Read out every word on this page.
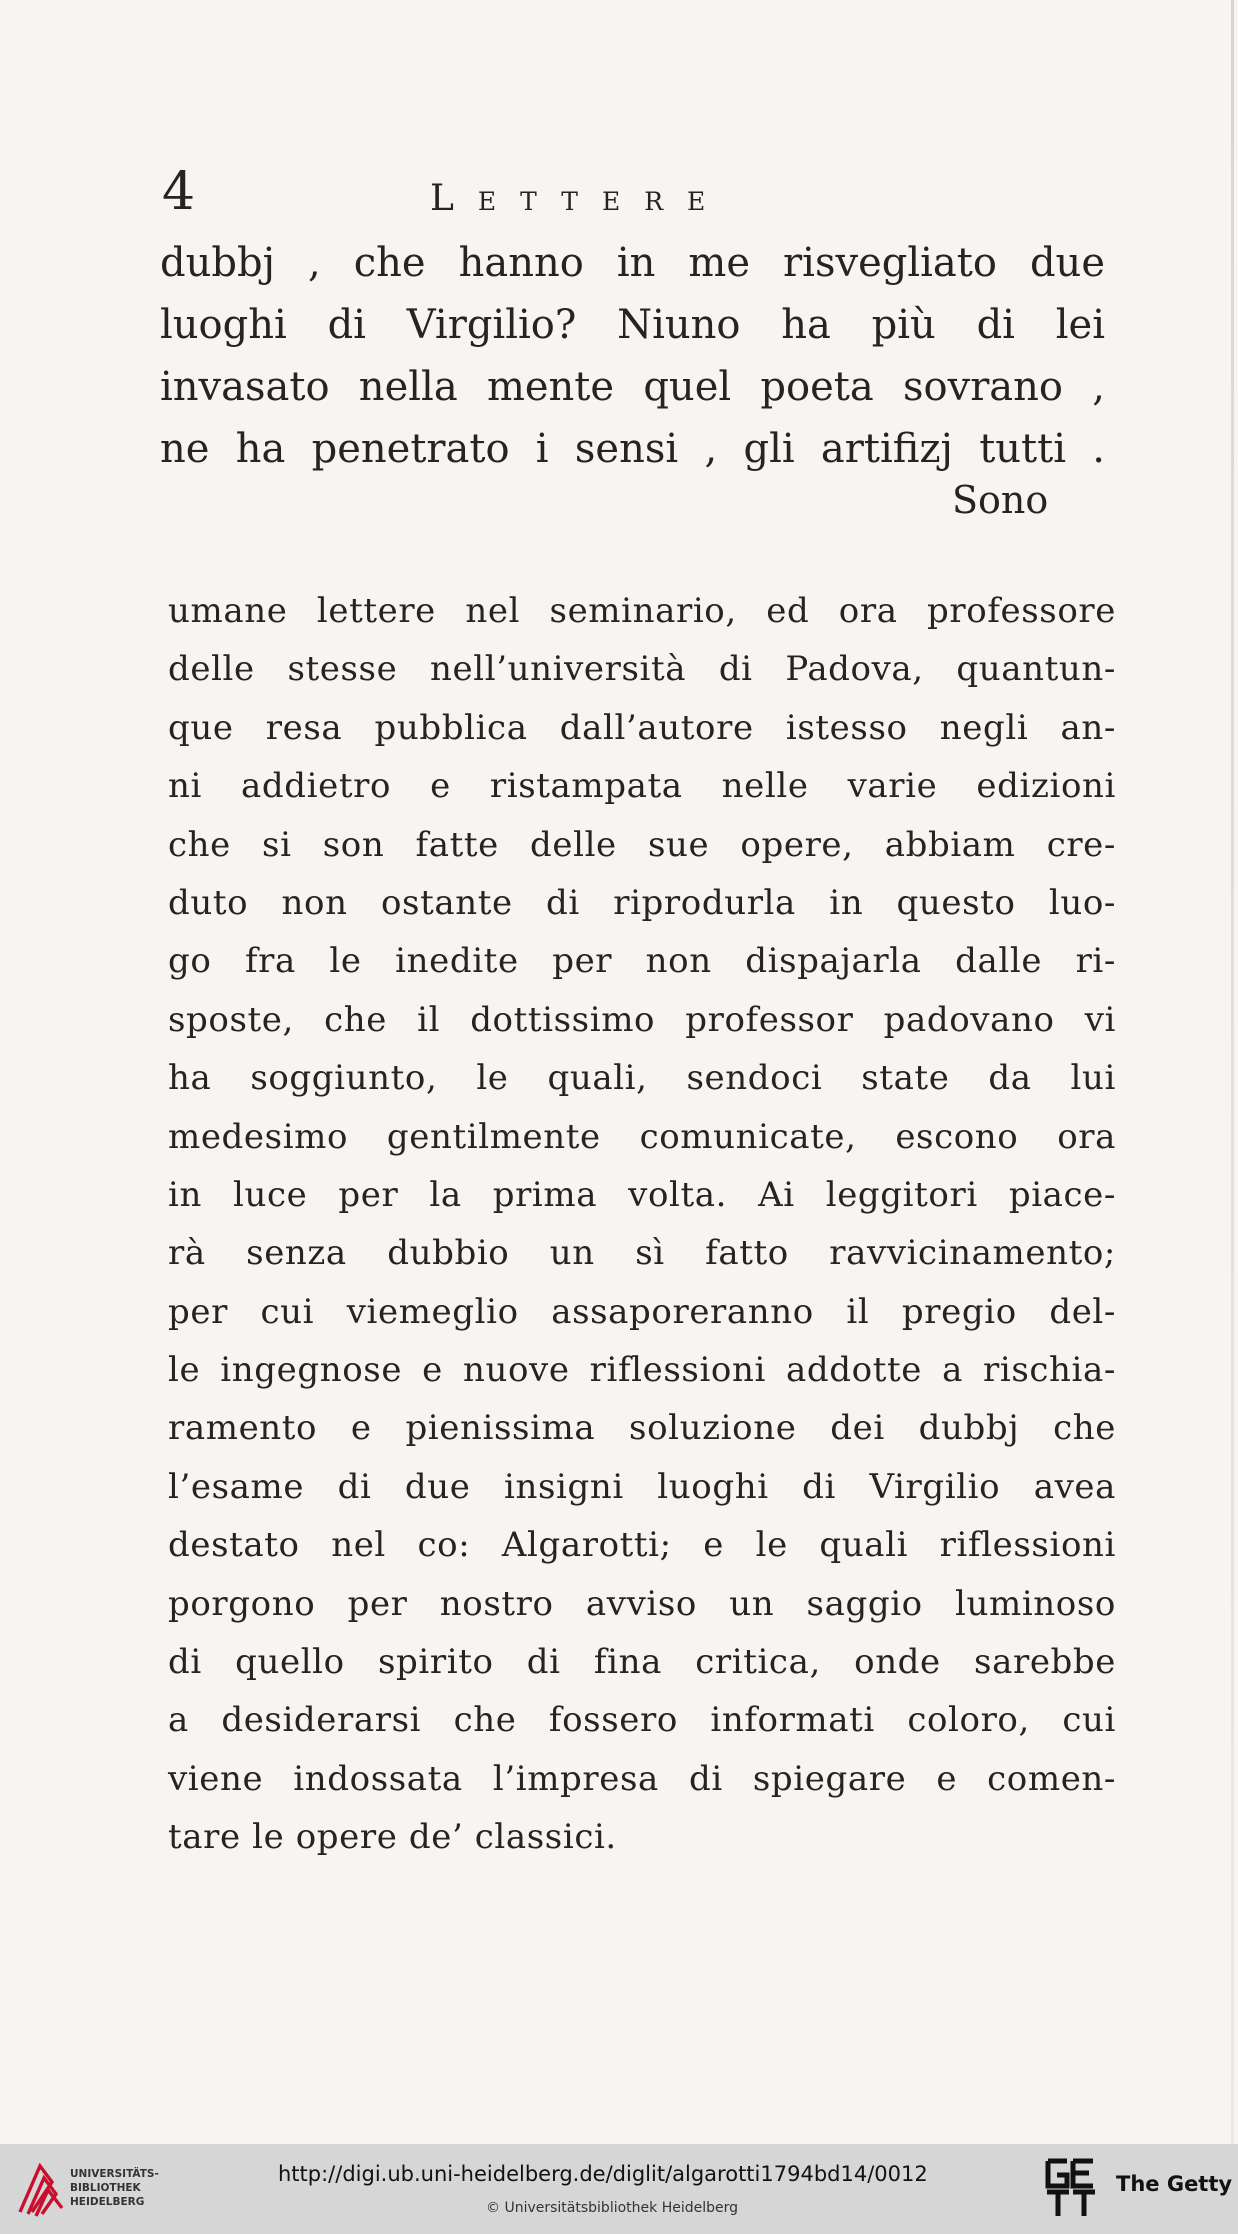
4	Lettere
dubbj , che hanno in me risvegliato due
luoghi di Virgilio? Niuno ha più di lei
invasato nella mente quel poeta sovrano ,
ne ha penetrato i sensi , gli artifizj tutti .
Sono
umane lettere nel seminario, ed ora professore
delle stesse nell’università di Padova, quantun-
que resa pubblica dall’autore istesso negli an-
ni addietro e ristampata nelle varie edizioni
che si son fatte delle sue opere, abbiam cre-
duto non ostante di riprodurla in questo luo-
go fra le inedite per non dispajarla dalle ri-
sposte, che il dottissimo professor padovano vi
ha soggiunto, le quali, sendoci state da lui
medesimo gentilmente comunicate, escono ora
in luce per la prima volta. Ai leggitori piace-
rà senza dubbio un sì fatto ravvicinamento;
per cui viemeglio assaporeranno il pregio del-
le ingegnose e nuove riflessioni addotte a rischia-
ramento e pienissima soluzione dei dubbj che
l’esame di due insigni luoghi di Virgilio avea
destato nel co: Algarotti; e le quali riflessioni
porgono per nostro avviso un saggio luminoso
di quello spirito di fina critica, onde sarebbe
a desiderarsi che fossero informati coloro, cui
viene indossata l’impresa di spiegare e comen-
tare le opere de’ classici.
UNIVERSITÄTS-
BIBLIOTHEK
HEIDELBERG
http://digi.ub.uni-heidelberg.de/diglit/algarotti1794bd14/0012
© Universitätsbibliothek Heidelberg
The Getty
